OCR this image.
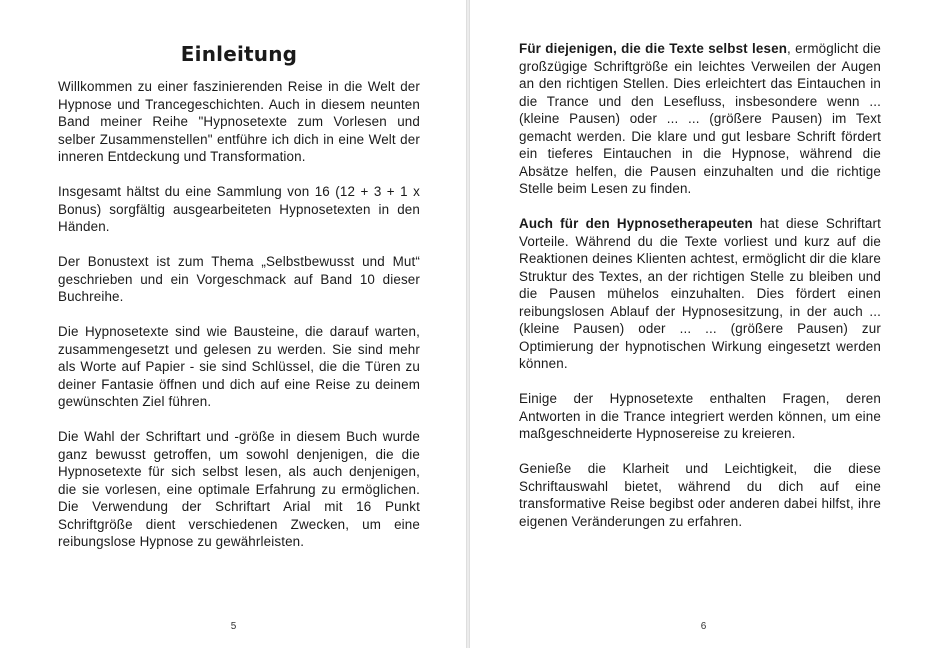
Einleitung

Willkommen zu einer faszinierenden Reise in die Welt der Hypnose und Trancegeschichten. Auch in diesem neunten Band meiner Reihe "Hypnosetexte zum Vorlesen und selber Zusammenstellen" entführe ich dich in eine Welt der inneren Entdeckung und Transformation.

Insgesamt hältst du eine Sammlung von 16 (12 + 3 + 1 x Bonus) sorgfältig ausgearbeiteten Hypnosetexten in den Händen.

Der Bonustext ist zum Thema „Selbstbewusst und Mut“ geschrieben und ein Vorgeschmack auf Band 10 dieser Buchreihe.

Die Hypnosetexte sind wie Bausteine, die darauf warten, zusammengesetzt und gelesen zu werden. Sie sind mehr als Worte auf Papier - sie sind Schlüssel, die die Türen zu deiner Fantasie öffnen und dich auf eine Reise zu deinem gewünschten Ziel führen.

Die Wahl der Schriftart und -größe in diesem Buch wurde ganz bewusst getroffen, um sowohl denjenigen, die die Hypnosetexte für sich selbst lesen, als auch denjenigen, die sie vorlesen, eine optimale Erfahrung zu ermöglichen. Die Verwendung der Schriftart Arial mit 16 Punkt Schriftgröße dient verschiedenen Zwecken, um eine reibungslose Hypnose zu gewährleisten.

5

Für diejenigen, die die Texte selbst lesen, ermöglicht die großzügige Schriftgröße ein leichtes Verweilen der Augen an den richtigen Stellen. Dies erleichtert das Eintauchen in die Trance und den Lesefluss, insbesondere wenn ... (kleine Pausen) oder ... ... (größere Pausen) im Text gemacht werden. Die klare und gut lesbare Schrift fördert ein tieferes Eintauchen in die Hypnose, während die Absätze helfen, die Pausen einzuhalten und die richtige Stelle beim Lesen zu finden.

Auch für den Hypnosetherapeuten hat diese Schriftart Vorteile. Während du die Texte vorliest und kurz auf die Reaktionen deines Klienten achtest, ermöglicht dir die klare Struktur des Textes, an der richtigen Stelle zu bleiben und die Pausen mühelos einzuhalten. Dies fördert einen reibungslosen Ablauf der Hypnosesitzung, in der auch ... (kleine Pausen) oder ... ... (größere Pausen) zur Optimierung der hypnotischen Wirkung eingesetzt werden können.

Einige der Hypnosetexte enthalten Fragen, deren Antworten in die Trance integriert werden können, um eine maßgeschneiderte Hypnosereise zu kreieren.

Genieße die Klarheit und Leichtigkeit, die diese Schriftauswahl bietet, während du dich auf eine transformative Reise begibst oder anderen dabei hilfst, ihre eigenen Veränderungen zu erfahren.

6
